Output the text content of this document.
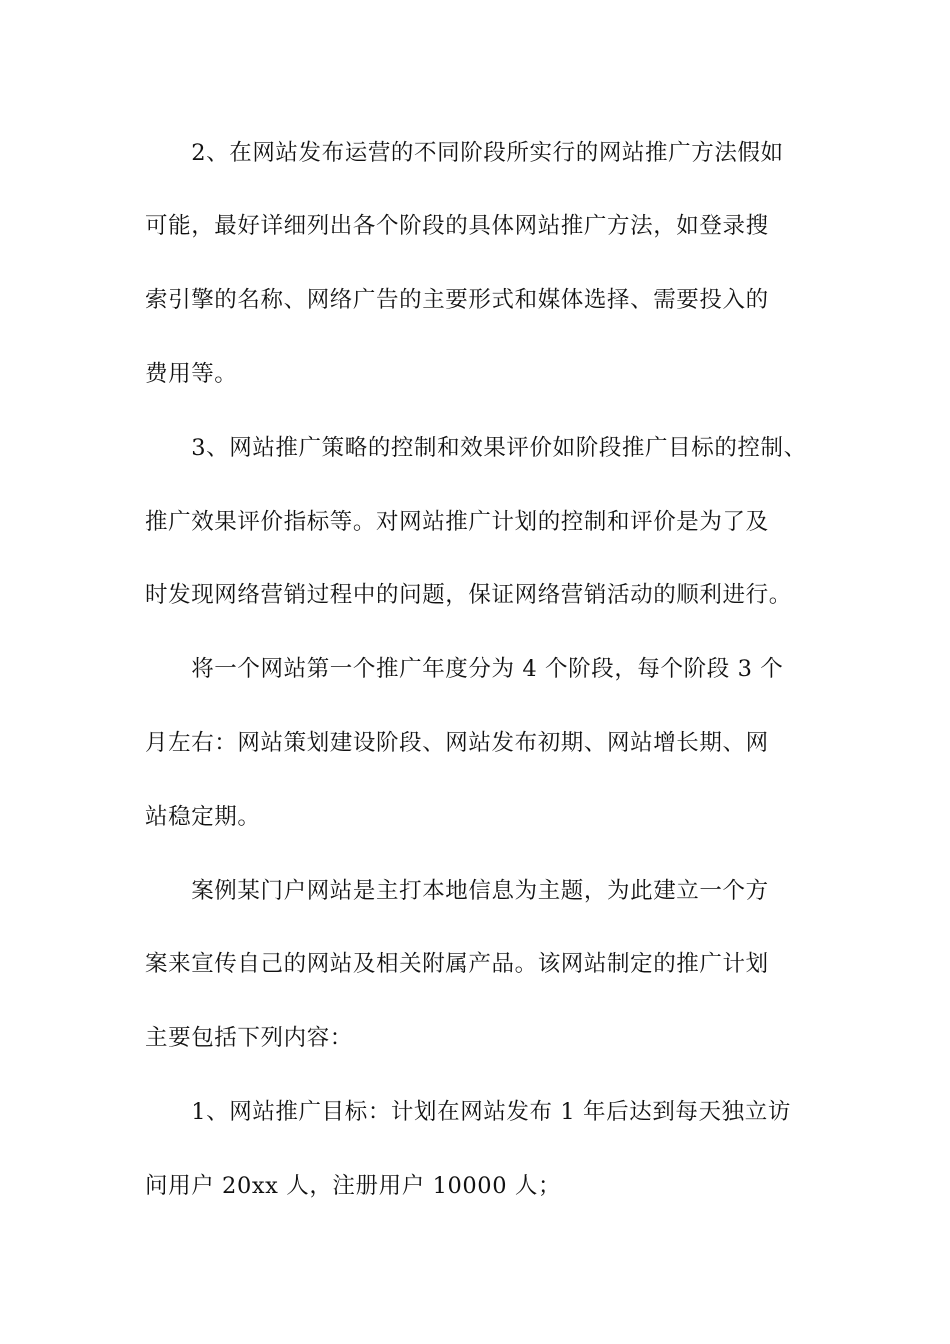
　　2、在网站发布运营的不同阶段所实行的网站推广方法假如
可能，最好详细列出各个阶段的具体网站推广方法，如登录搜
索引擎的名称、网络广告的主要形式和媒体选择、需要投入的
费用等。
　　3、网站推广策略的控制和效果评价如阶段推广目标的控制、
推广效果评价指标等。对网站推广计划的控制和评价是为了及
时发现网络营销过程中的问题，保证网络营销活动的顺利进行。
　　将一个网站第一个推广年度分为 4 个阶段，每个阶段 3 个
月左右：网站策划建设阶段、网站发布初期、网站增长期、网
站稳定期。
　　案例某门户网站是主打本地信息为主题，为此建立一个方
案来宣传自己的网站及相关附属产品。该网站制定的推广计划
主要包括下列内容：
　　1、网站推广目标：计划在网站发布 1 年后达到每天独立访
问用户 20xx 人，注册用户 10000 人；
